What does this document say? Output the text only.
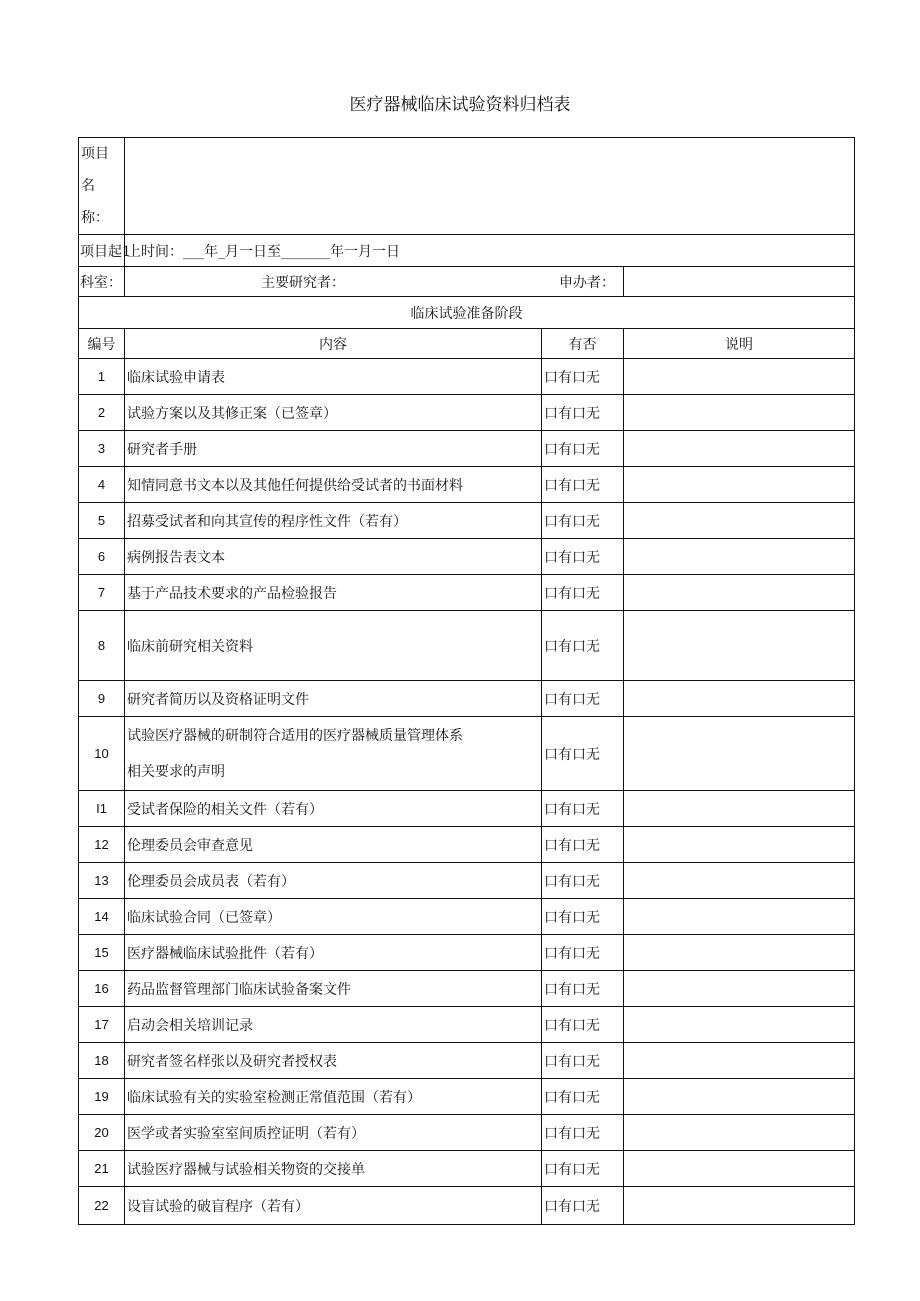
医疗器械临床试验资料归档表
项目
名称：			

项目起1	上时间：___年_月一日至_______年一月一日		
科室：	主要研究者： 申办者：		

临床试验准备阶段			
编号	内容	有否	说明
1	临床试验申请表	口有口无	
2	试验方案以及其修正案（已签章）	口有口无	
3	研究者手册	口有口无	
4	知情同意书文本以及其他任何提供给受试者的书面材料	口有口无	
5	招募受试者和向其宣传的程序性文件（若有）	口有口无	
6	病例报告表文本	口有口无	
7	基于产品技术要求的产品检验报告	口有口无	
8	临床前研究相关资料	口有口无	
9	研究者简历以及资格证明文件	口有口无	
10	试验医疗器械的研制符合适用的医疗器械质量管理体系
相关要求的声明	口有口无	
I1	受试者保险的相关文件（若有）	口有口无	
12	伦理委员会审查意见	口有口无	
13	伦理委员会成员表（若有）	口有口无	
14	临床试验合同（已签章）	口有口无	
15	医疗器械临床试验批件（若有）	口有口无	
16	药品监督管理部门临床试验备案文件	口有口无	
17	启动会相关培训记录	口有口无	
18	研究者签名样张以及研究者授权表	口有口无	
19	临床试验有关的实验室检测正常值范围（若有）	口有口无	
20	医学或者实验室室间质控证明（若有）	口有口无	
21	试验医疗器械与试验相关物资的交接单	口有口无	
22	设盲试验的破盲程序（若有）	口有口无	
